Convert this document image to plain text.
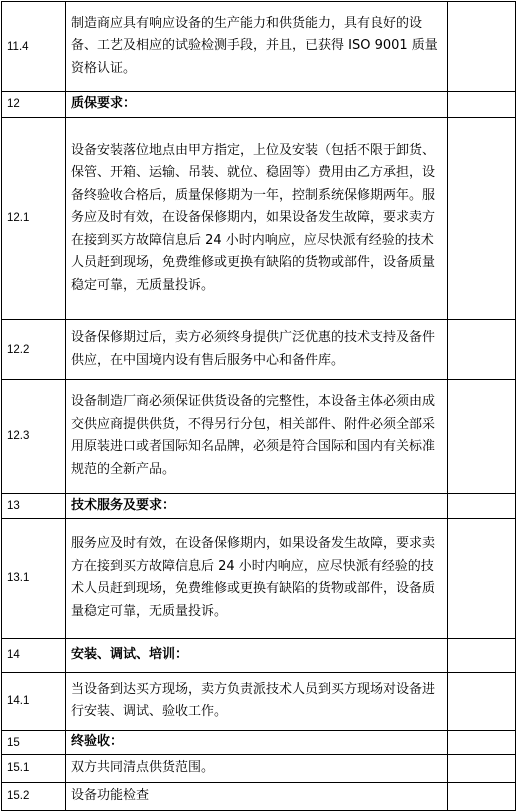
11.4	制造商应具有响应设备的生产能力和供货能力，具有良好的设备、工艺及相应的试验检测手段，并且，已获得 ISO 9001 质量资格认证。	
12	质保要求：	
12.1	设备安装落位地点由甲方指定，上位及安装（包括不限于卸货、保管、开箱、运输、吊装、就位、稳固等）费用由乙方承担，设备终验收合格后，质量保修期为一年，控制系统保修期两年。服务应及时有效，在设备保修期内，如果设备发生故障，要求卖方在接到买方故障信息后 24 小时内响应，应尽快派有经验的技术人员赶到现场，免费维修或更换有缺陷的货物或部件，设备质量稳定可靠，无质量投诉。	
12.2	设备保修期过后，卖方必须终身提供广泛优惠的技术支持及备件供应，在中国境内设有售后服务中心和备件库。	
12.3	设备制造厂商必须保证供货设备的完整性，本设备主体必须由成交供应商提供供货，不得另行分包，相关部件、附件必须全部采用原装进口或者国际知名品牌，必须是符合国际和国内有关标准规范的全新产品。	
13	技术服务及要求：	
13.1	服务应及时有效，在设备保修期内，如果设备发生故障，要求卖方在接到买方故障信息后 24 小时内响应，应尽快派有经验的技术人员赶到现场，免费维修或更换有缺陷的货物或部件，设备质量稳定可靠，无质量投诉。	
14	安装、调试、培训：	
14.1	当设备到达买方现场，卖方负责派技术人员到买方现场对设备进行安装、调试、验收工作。	
15	终验收：	
15.1	双方共同清点供货范围。	
15.2	设备功能检查	
